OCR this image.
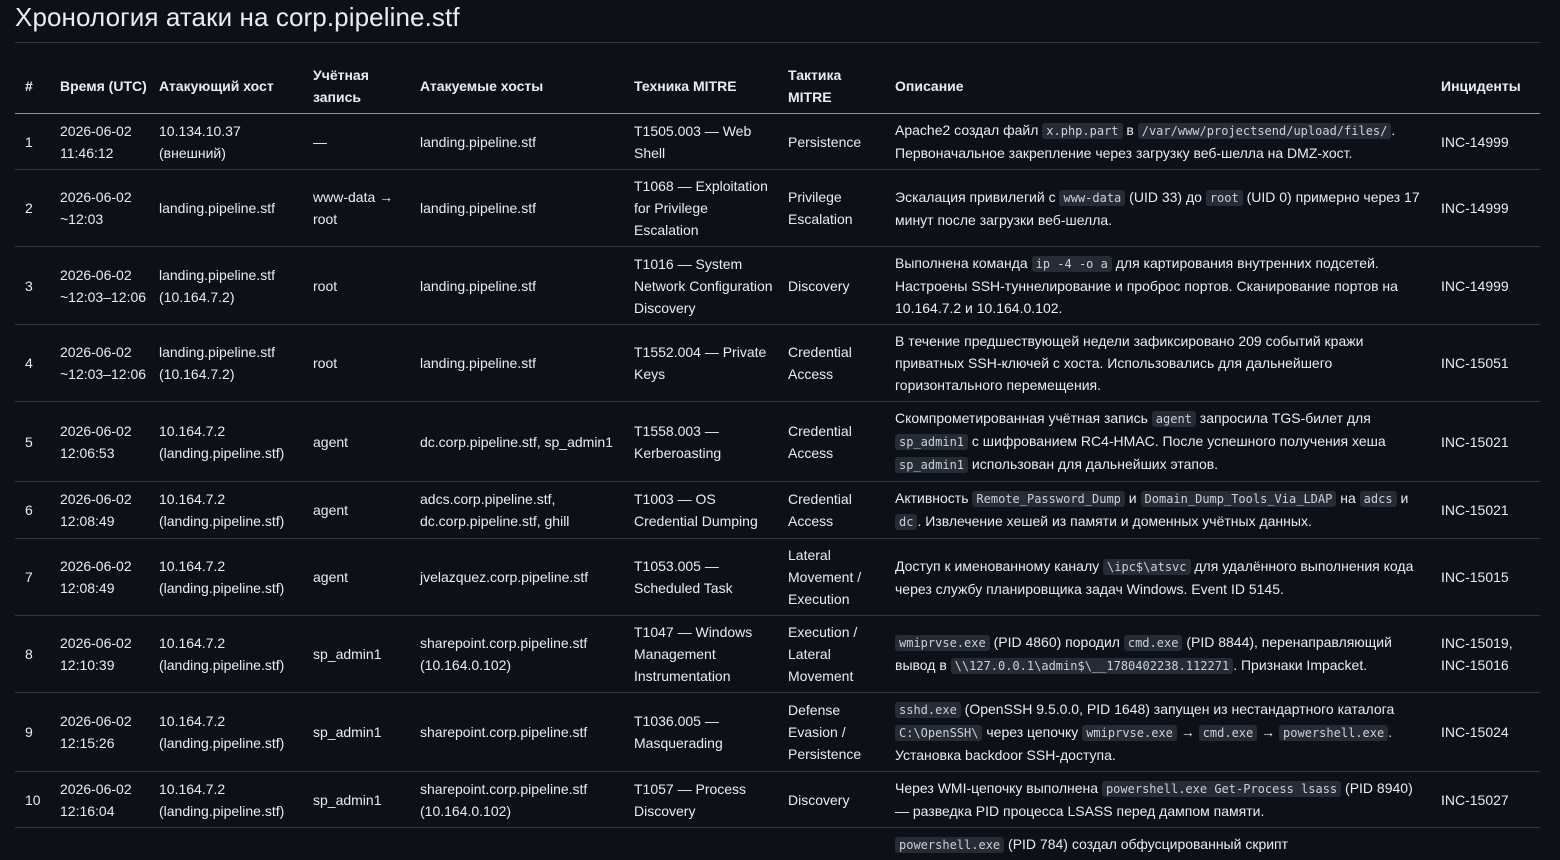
Хронология атаки на corp.pipeline.stf
#	Время (UTC)	Атакующий хост	Учётная запись	Атакуемые хосты	Техника MITRE	Тактика MITRE	Описание	Инциденты
1	2026-06-02 11:46:12	10.134.10.37 (внешний)	—	landing.pipeline.stf	T1505.003 — Web Shell	Persistence	Apache2 создал файл x.php.part в /var/www/projectsend/upload/files/ . Первоначальное закрепление через загрузку веб-шелла на DMZ-хост.	INC-14999
2	2026-06-02 ~12:03	landing.pipeline.stf	www-data → root	landing.pipeline.stf	T1068 — Exploitation for Privilege Escalation	Privilege Escalation	Эскалация привилегий с www-data (UID 33) до root (UID 0) примерно через 17 минут после загрузки веб-шелла.	INC-14999
3	2026-06-02 ~12:03–12:06	landing.pipeline.stf (10.164.7.2)	root	landing.pipeline.stf	T1016 — System Network Configuration Discovery	Discovery	Выполнена команда ip -4 -o a для картирования внутренних подсетей. Настроены SSH-туннелирование и проброс портов. Сканирование портов на 10.164.7.2 и 10.164.0.102.	INC-14999
4	2026-06-02 ~12:03–12:06	landing.pipeline.stf (10.164.7.2)	root	landing.pipeline.stf	T1552.004 — Private Keys	Credential Access	В течение предшествующей недели зафиксировано 209 событий кражи приватных SSH-ключей с хоста. Использовались для дальнейшего горизонтального перемещения.	INC-15051
5	2026-06-02 12:06:53	10.164.7.2 (landing.pipeline.stf)	agent	dc.corp.pipeline.stf, sp_admin1	T1558.003 — Kerberoasting	Credential Access	Скомпрометированная учётная запись agent запросила TGS-билет для sp_admin1 с шифрованием RC4-HMAC. После успешного получения хеша sp_admin1 использован для дальнейших этапов.	INC-15021
6	2026-06-02 12:08:49	10.164.7.2 (landing.pipeline.stf)	agent	adcs.corp.pipeline.stf, dc.corp.pipeline.stf, ghill	T1003 — OS Credential Dumping	Credential Access	Активность Remote_Password_Dump и Domain_Dump_Tools_Via_LDAP на adcs и dc . Извлечение хешей из памяти и доменных учётных данных.	INC-15021
7	2026-06-02 12:08:49	10.164.7.2 (landing.pipeline.stf)	agent	jvelazquez.corp.pipeline.stf	T1053.005 — Scheduled Task	Lateral Movement / Execution	Доступ к именованному каналу \ipc$\atsvc для удалённого выполнения кода через службу планировщика задач Windows. Event ID 5145.	INC-15015
8	2026-06-02 12:10:39	10.164.7.2 (landing.pipeline.stf)	sp_admin1	sharepoint.corp.pipeline.stf (10.164.0.102)	T1047 — Windows Management Instrumentation	Execution / Lateral Movement	wmiprvse.exe (PID 4860) породил cmd.exe (PID 8844), перенаправляющий вывод в \\127.0.0.1\admin$\__1780402238.112271 . Признаки Impacket.	INC-15019, INC-15016
9	2026-06-02 12:15:26	10.164.7.2 (landing.pipeline.stf)	sp_admin1	sharepoint.corp.pipeline.stf	T1036.005 — Masquerading	Defense Evasion / Persistence	sshd.exe (OpenSSH 9.5.0.0, PID 1648) запущен из нестандартного каталога C:\OpenSSH\ через цепочку wmiprvse.exe → cmd.exe → powershell.exe . Установка backdoor SSH-доступа.	INC-15024
10	2026-06-02 12:16:04	10.164.7.2 (landing.pipeline.stf)	sp_admin1	sharepoint.corp.pipeline.stf (10.164.0.102)	T1057 — Process Discovery	Discovery	Через WMI-цепочку выполнена powershell.exe Get-Process lsass (PID 8940) — разведка PID процесса LSASS перед дампом памяти.	INC-15027
							powershell.exe (PID 784) создал обфусцированный скрипт	
